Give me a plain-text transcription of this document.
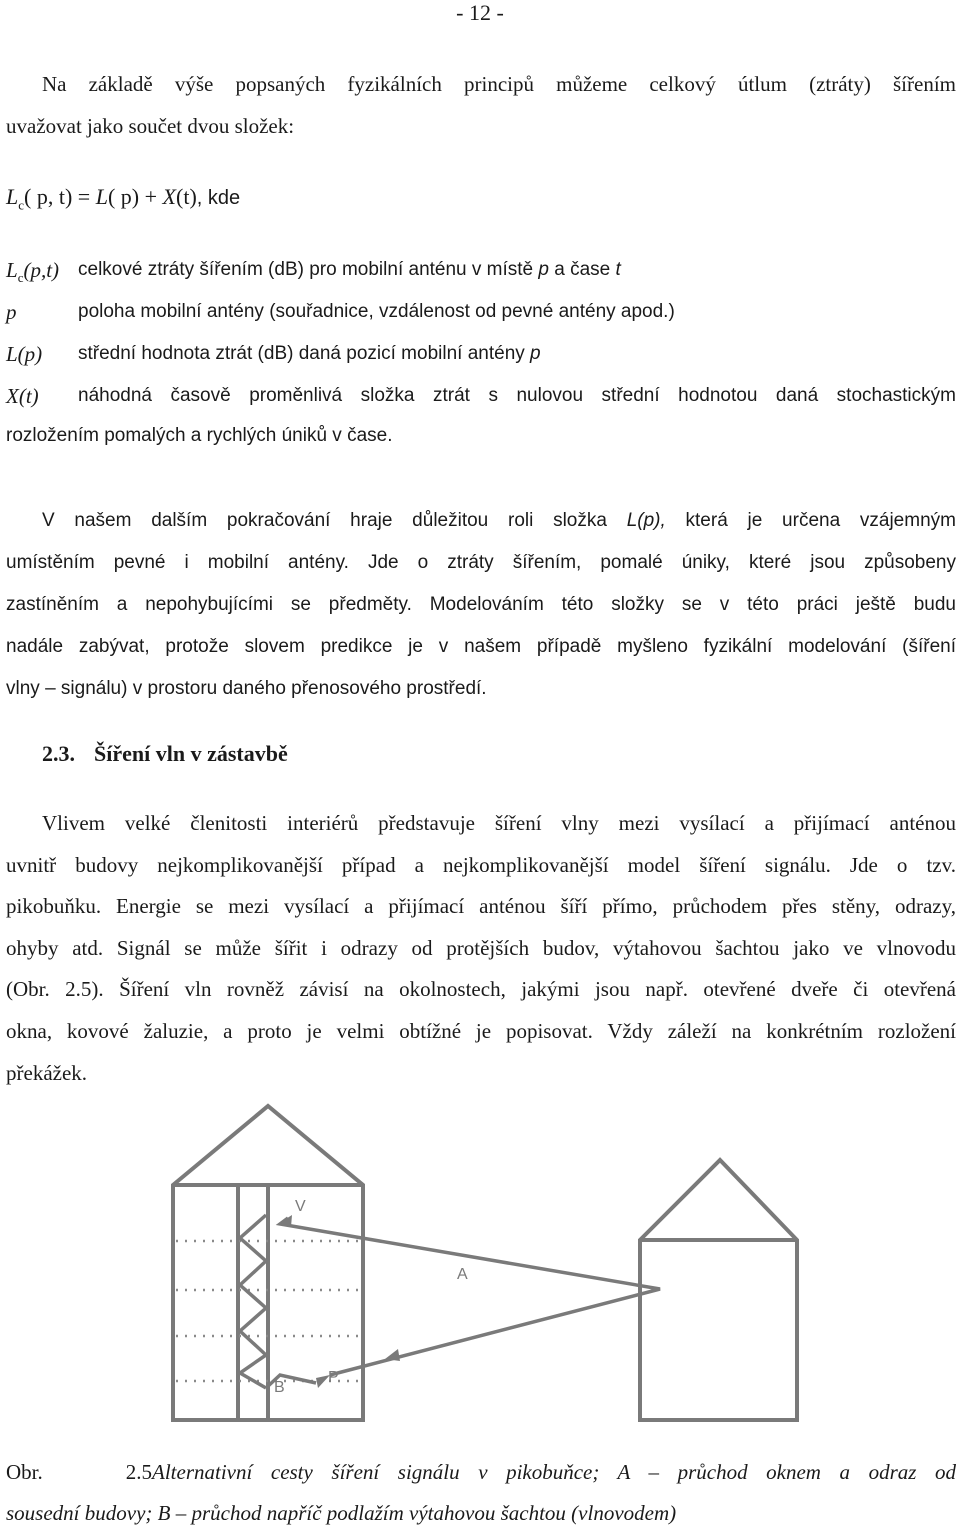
- 12 -
Na základě výše popsaných fyzikálních principů můžeme celkový útlum (ztráty) šířením
uvažovat jako součet dvou složek:
$L_c$( p, t) = L( p) + X(t), kde
$L_c(p,t)$ celkové ztráty šířením (dB) pro mobilní anténu v místě p a čase t
p	poloha mobilní antény (souřadnice, vzdálenost od pevné antény apod.)
L(p) střední hodnota ztrát (dB) daná pozicí mobilní antény p
X(t) náhodná časově proměnlivá složka ztrát s nulovou střední hodnotou daná stochastickým
rozložením pomalých a rychlých úniků v čase.
V našem dalším pokračování hraje důležitou roli složka L(p), která je určena vzájemným
umístěním pevné i mobilní antény. Jde o ztráty šířením, pomalé úniky, které jsou způsobeny
zastíněním a nepohybujícími se předměty. Modelováním této složky se v této práci ještě budu
nadále zabývat, protože slovem predikce je v našem případě myšleno fyzikální modelování (šíření
vlny – signálu) v prostoru daného přenosového prostředí.
2.3. Šíření vln v zástavbě
Vlivem velké členitosti interiérů představuje šíření vlny mezi vysílací a přijímací anténou
uvnitř budovy nejkomplikovanější případ a nejkomplikovanější model šíření signálu. Jde o tzv.
pikobuňku. Energie se mezi vysílací a přijímací anténou šíří přímo, průchodem přes stěny, odrazy,
ohyby atd. Signál se může šířit i odrazy od protějších budov, výtahovou šachtou jako ve vlnovodu
(Obr. 2.5). Šíření vln rovněž závisí na okolnostech, jakými jsou např. otevřené dveře či otevřená
okna, kovové žaluzie, a proto je velmi obtížné je popisovat. Vždy záleží na konkrétním rozložení
překážek.
V
A
B
P
Obr. 2.5Alternativní cesty šíření signálu v pikobuňce; A – průchod oknem a odraz od
sousední budovy; B – průchod napříč podlažím výtahovou šachtou (vlnovodem)
